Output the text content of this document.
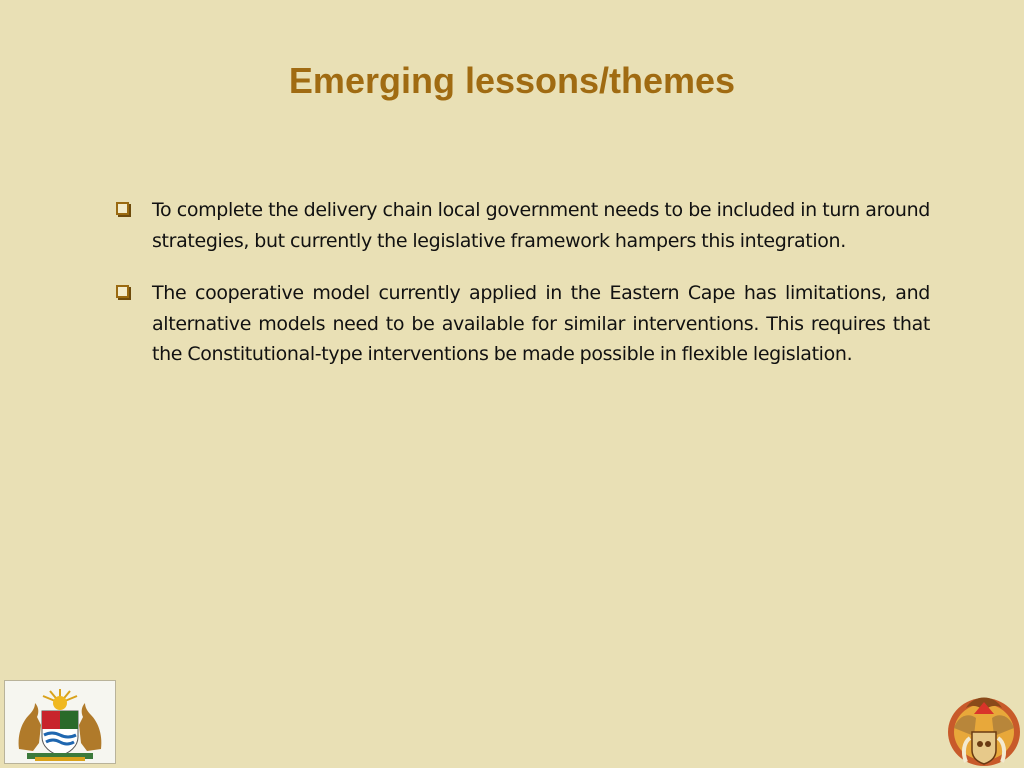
Emerging lessons/themes
To complete the delivery chain local government needs to be included in turn around strategies, but currently the legislative framework hampers this integration.
The cooperative model currently applied in the Eastern Cape has limitations, and alternative models need to be available for similar interventions. This requires that the Constitutional-type interventions be made possible in flexible legislation.
